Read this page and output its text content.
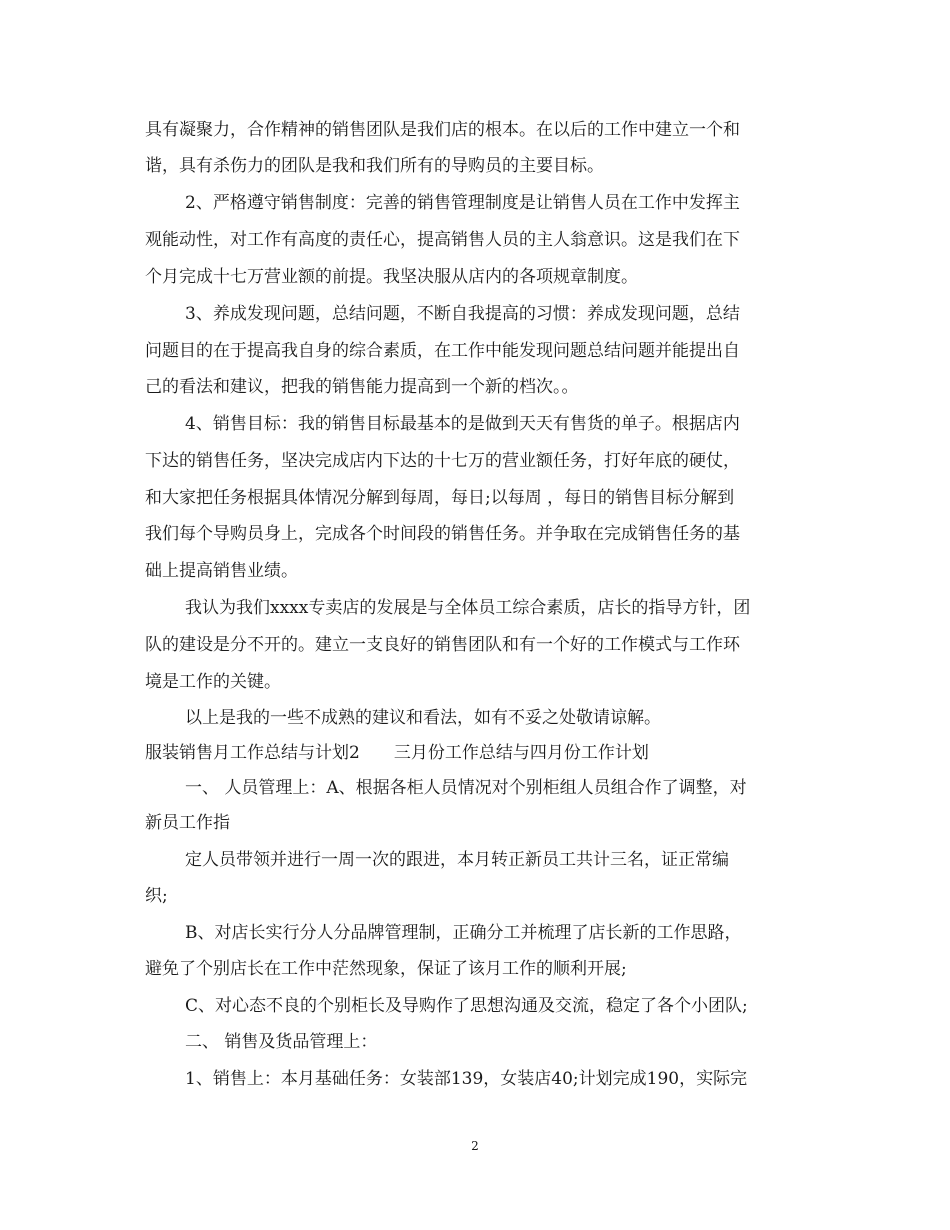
具有凝聚力，合作精神的销售团队是我们店的根本。在以后的工作中建立一个和
谐，具有杀伤力的团队是我和我们所有的导购员的主要目标。
2、严格遵守销售制度：完善的销售管理制度是让销售人员在工作中发挥主
观能动性，对工作有高度的责任心，提高销售人员的主人翁意识。这是我们在下
个月完成十七万营业额的前提。我坚决服从店内的各项规章制度。
3、养成发现问题，总结问题，不断自我提高的习惯：养成发现问题，总结
问题目的在于提高我自身的综合素质，在工作中能发现问题总结问题并能提出自
己的看法和建议，把我的销售能力提高到一个新的档次。。
4、销售目标：我的销售目标最基本的是做到天天有售货的单子。根据店内
下达的销售任务，坚决完成店内下达的十七万的营业额任务，打好年底的硬仗，
和大家把任务根据具体情况分解到每周，每日;以每周 ，每日的销售目标分解到
我们每个导购员身上，完成各个时间段的销售任务。并争取在完成销售任务的基
础上提高销售业绩。
我认为我们xxxx专卖店的发展是与全体员工综合素质，店长的指导方针，团
队的建设是分不开的。建立一支良好的销售团队和有一个好的工作模式与工作环
境是工作的关键。
以上是我的一些不成熟的建议和看法，如有不妥之处敬请谅解。
服装销售月工作总结与计划2　　三月份工作总结与四月份工作计划
一、 人员管理上：A、根据各柜人员情况对个别柜组人员组合作了调整，对
新员工作指
定人员带领并进行一周一次的跟进，本月转正新员工共计三名，证正常编
织;
B、对店长实行分人分品牌管理制，正确分工并梳理了店长新的工作思路，
避免了个别店长在工作中茫然现象，保证了该月工作的顺利开展;
C、对心态不良的个别柜长及导购作了思想沟通及交流，稳定了各个小团队;
二、 销售及货品管理上：
1、销售上：本月基础任务：女装部139，女装店40;计划完成190，实际完
2
